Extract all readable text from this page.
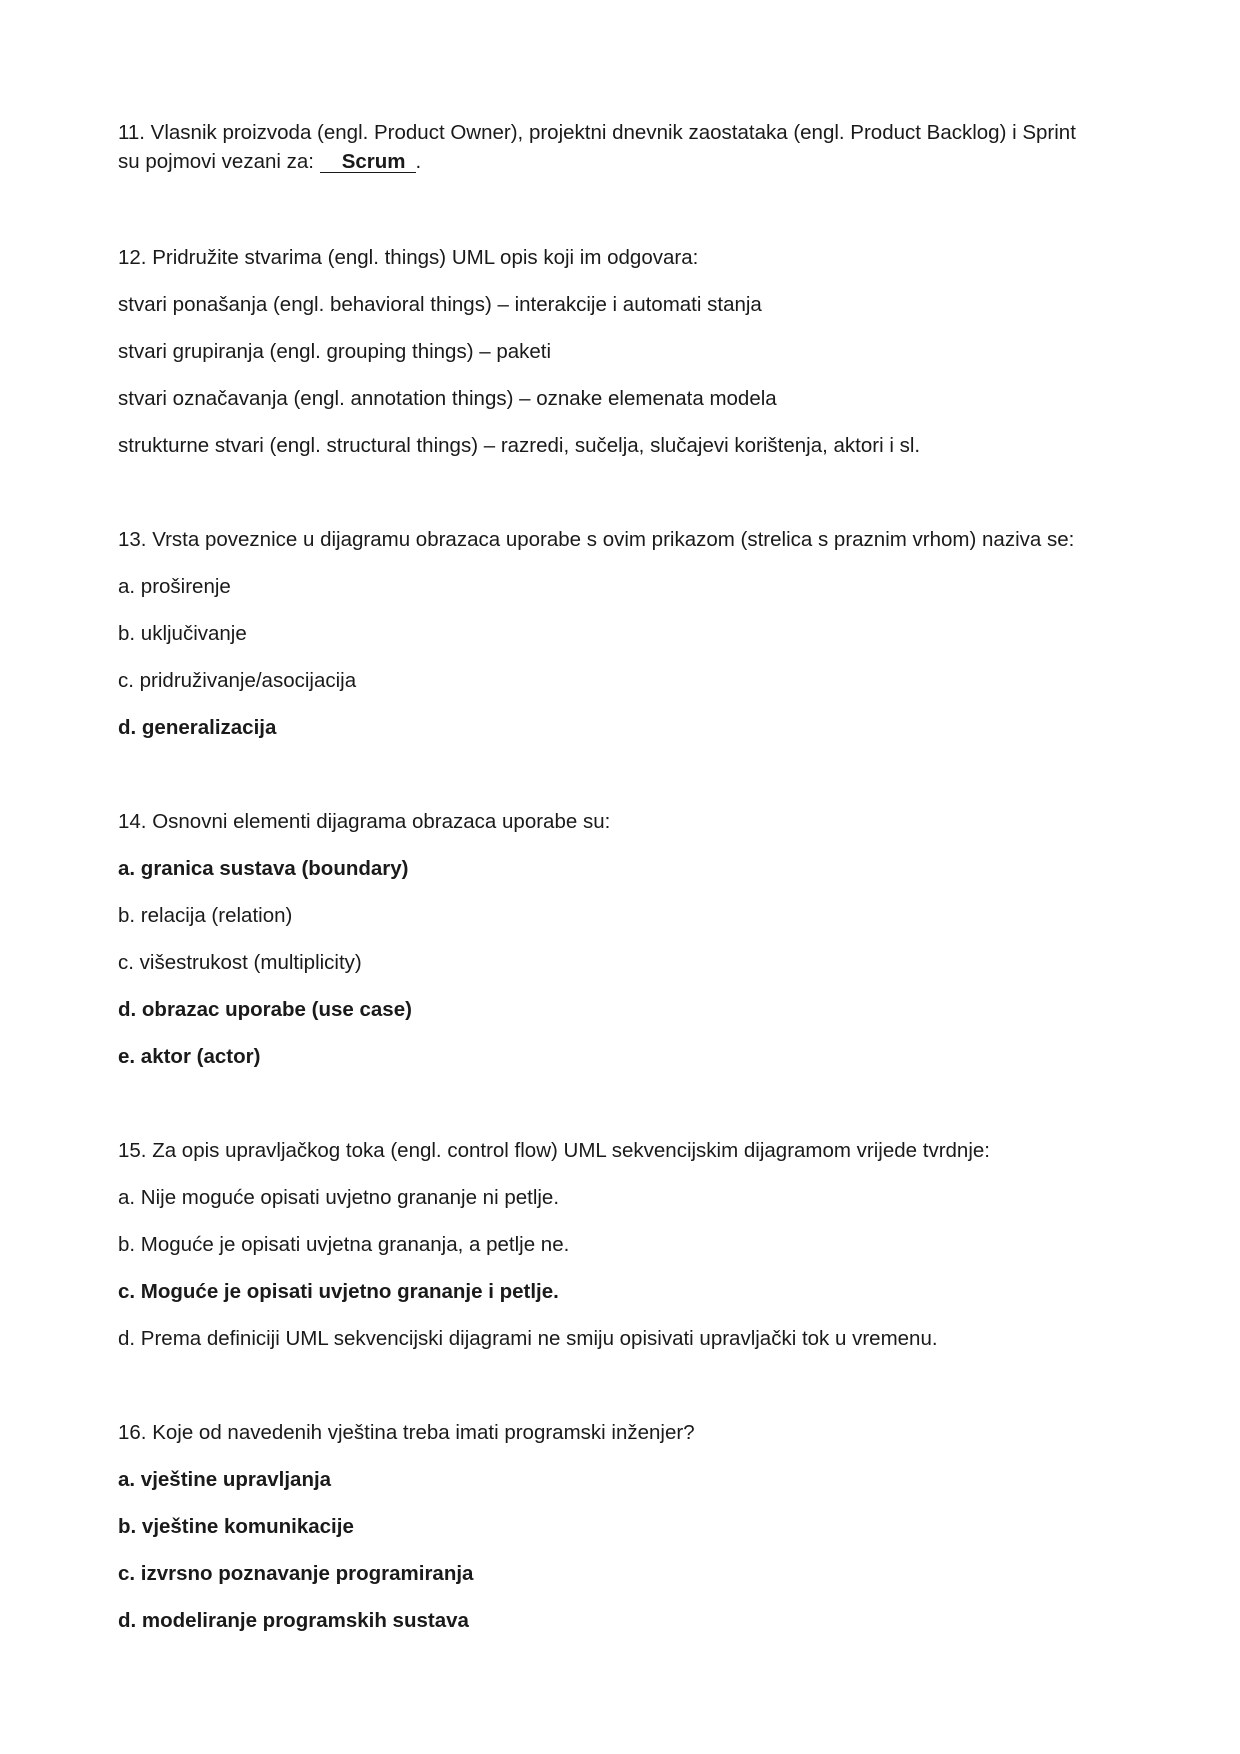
11. Vlasnik proizvoda (engl. Product Owner), projektni dnevnik zaostataka (engl. Product Backlog) i Sprint
su pojmovi vezani za: Scrum .
12. Pridružite stvarima (engl. things) UML opis koji im odgovara:
stvari ponašanja (engl. behavioral things) – interakcije i automati stanja
stvari grupiranja (engl. grouping things) – paketi
stvari označavanja (engl. annotation things) – oznake elemenata modela
strukturne stvari (engl. structural things) – razredi, sučelja, slučajevi korištenja, aktori i sl.
13. Vrsta poveznice u dijagramu obrazaca uporabe s ovim prikazom (strelica s praznim vrhom) naziva se:
a. proširenje
b. uključivanje
c. pridruživanje/asocijacija
d. generalizacija
14. Osnovni elementi dijagrama obrazaca uporabe su:
a. granica sustava (boundary)
b. relacija (relation)
c. višestrukost (multiplicity)
d. obrazac uporabe (use case)
e. aktor (actor)
15. Za opis upravljačkog toka (engl. control flow) UML sekvencijskim dijagramom vrijede tvrdnje:
a. Nije moguće opisati uvjetno grananje ni petlje.
b. Moguće je opisati uvjetna grananja, a petlje ne.
c. Moguće je opisati uvjetno grananje i petlje.
d. Prema definiciji UML sekvencijski dijagrami ne smiju opisivati upravljački tok u vremenu.
16. Koje od navedenih vještina treba imati programski inženjer?
a. vještine upravljanja
b. vještine komunikacije
c. izvrsno poznavanje programiranja
d. modeliranje programskih sustava
